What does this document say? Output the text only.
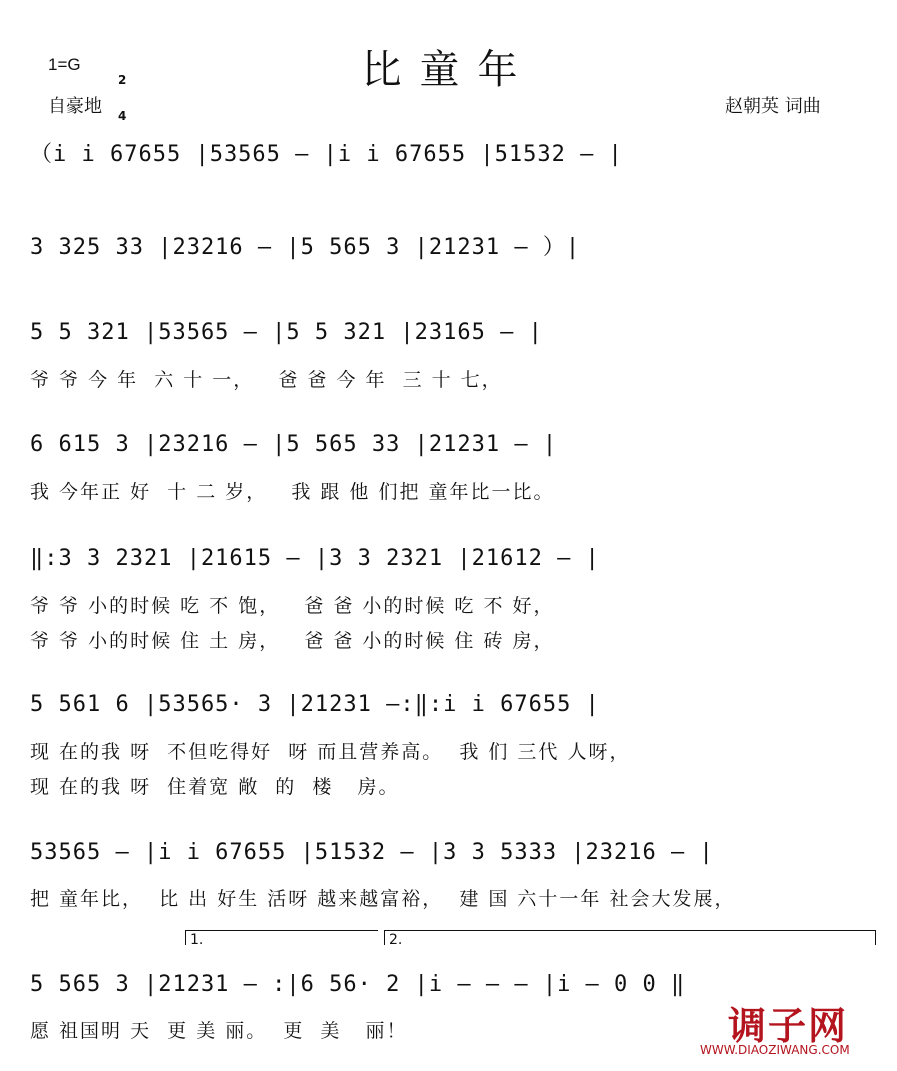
比童年
1=G

2

4

自豪地	赵朝英 词曲
（i i 67655 |53565 – |i i 67655 |51532 – |
3 325 33 |23216 – |5 565 3 |21231 – ）|
5 5 321 |53565 – |5 5 321 |23165 – |
爷 爷 今 年  六 十 一，   爸 爸 今 年  三 十 七，
6 615 3 |23216 – |5 565 33 |21231 – |
我 今年正 好  十 二 岁，   我 跟 他 们把 童年比一比。
‖:3 3 2321 |21615 – |3 3 2321 |21612 – |
爷 爷 小的时候 吃 不 饱，   爸 爸 小的时候 吃 不 好，
爷 爷 小的时候 住 土 房，   爸 爸 小的时候 住 砖 房，
5 561 6 |53565· 3 |21231 –:‖:i i 67655 |
现 在的我 呀  不但吃得好  呀 而且营养高。  我 们 三代 人呀，
现 在的我 呀  住着宽 敞  的  楼   房。
53565 – |i i 67655 |51532 – |3 3 5333 |23216 – |
把 童年比，  比 出 好生 活呀 越来越富裕，  建 国 六十一年 社会大发展，
1.	2.
5 565 3 |21231 – :|6 56· 2 |i – – – |i – 0 0 ‖
愿 祖国明 天  更 美 丽。  更  美   丽！	调子网
WWW.DIAOZIWANG.COM
